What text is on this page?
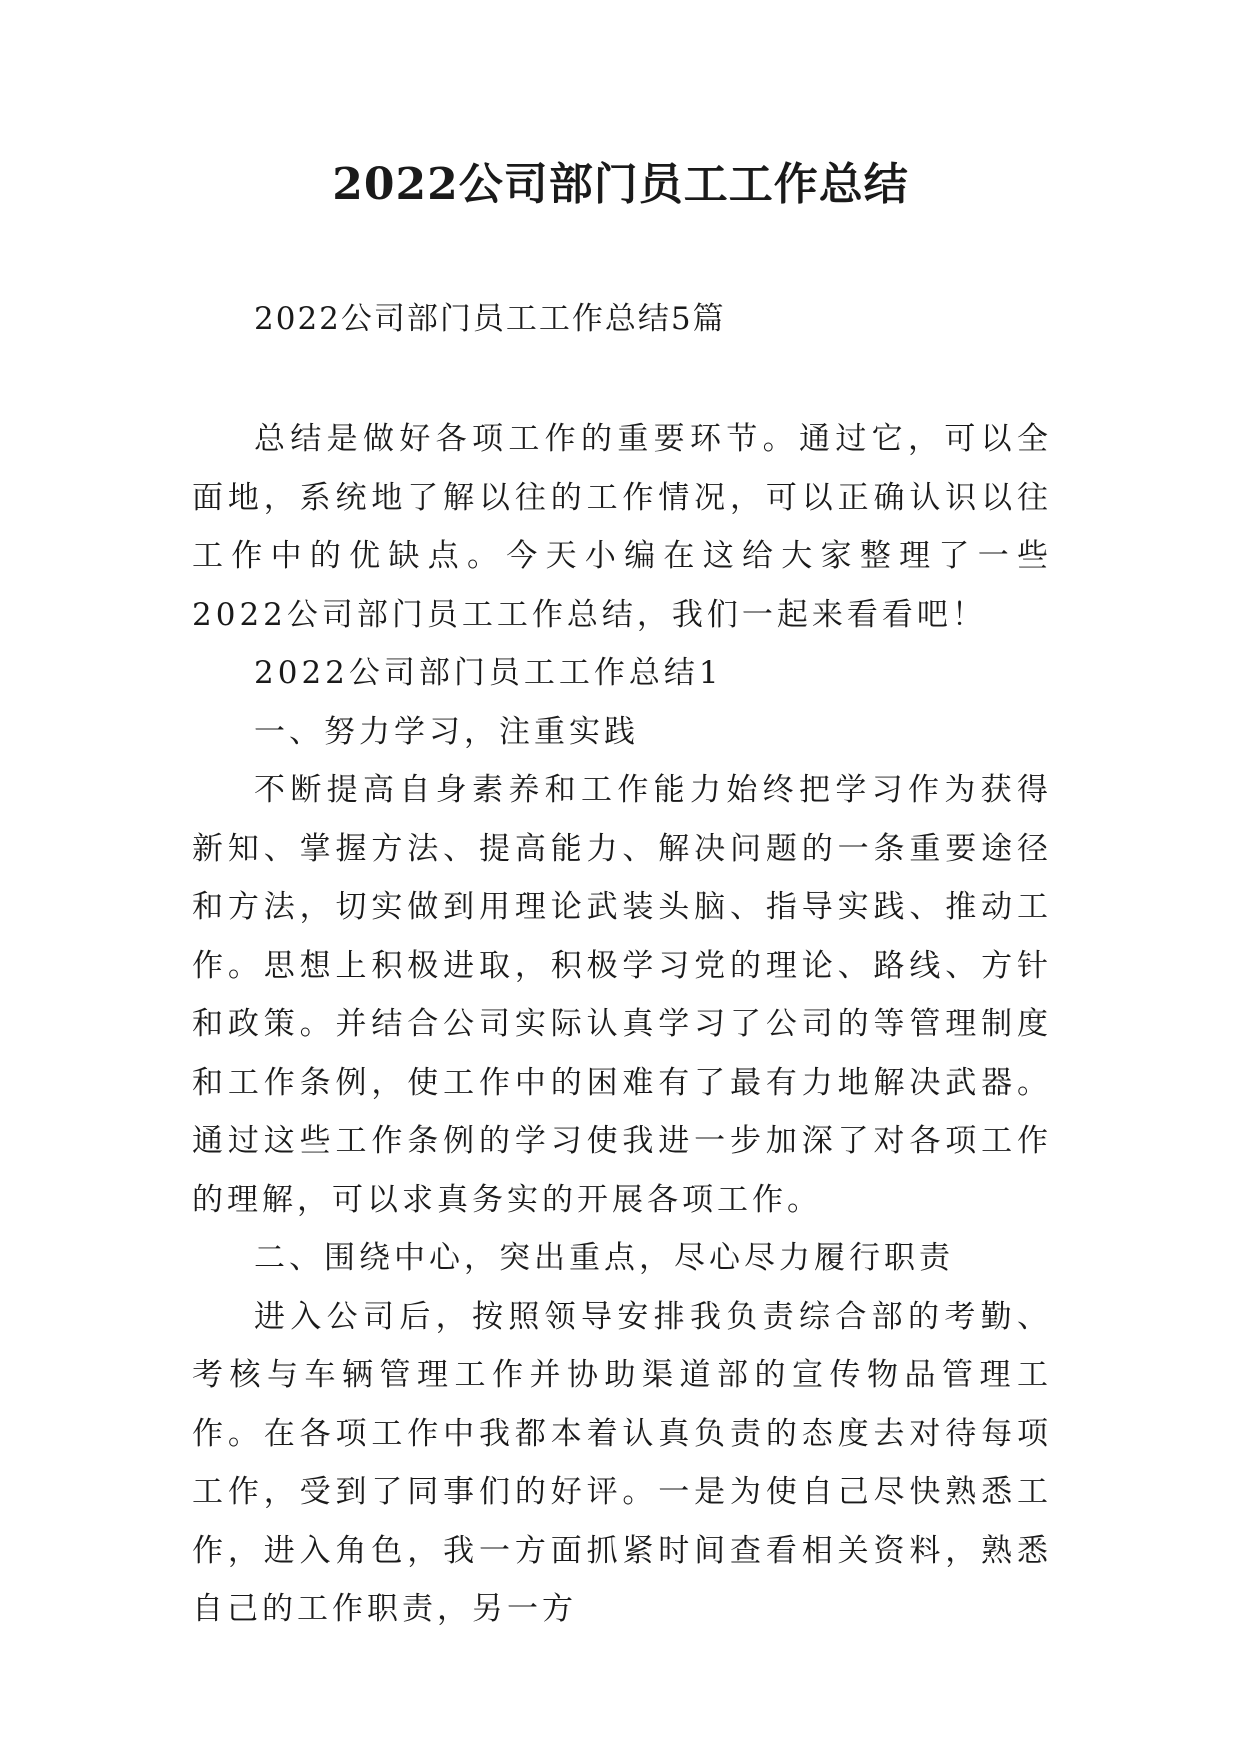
2022公司部门员工工作总结

2022公司部门员工工作总结5篇

总结是做好各项工作的重要环节。通过它，可以全面地，系统地了解以往的工作情况，可以正确认识以往工作中的优缺点。今天小编在这给大家整理了一些2022公司部门员工工作总结，我们一起来看看吧！

2022公司部门员工工作总结1

一、努力学习，注重实践

不断提高自身素养和工作能力始终把学习作为获得新知、掌握方法、提高能力、解决问题的一条重要途径和方法，切实做到用理论武装头脑、指导实践、推动工作。思想上积极进取，积极学习党的理论、路线、方针和政策。并结合公司实际认真学习了公司的等管理制度和工作条例，使工作中的困难有了最有力地解决武器。通过这些工作条例的学习使我进一步加深了对各项工作的理解，可以求真务实的开展各项工作。

二、围绕中心，突出重点，尽心尽力履行职责

进入公司后，按照领导安排我负责综合部的考勤、考核与车辆管理工作并协助渠道部的宣传物品管理工作。在各项工作中我都本着认真负责的态度去对待每项工作，受到了同事们的好评。一是为使自己尽快熟悉工作，进入角色，我一方面抓紧时间查看相关资料，熟悉自己的工作职责，另一方
